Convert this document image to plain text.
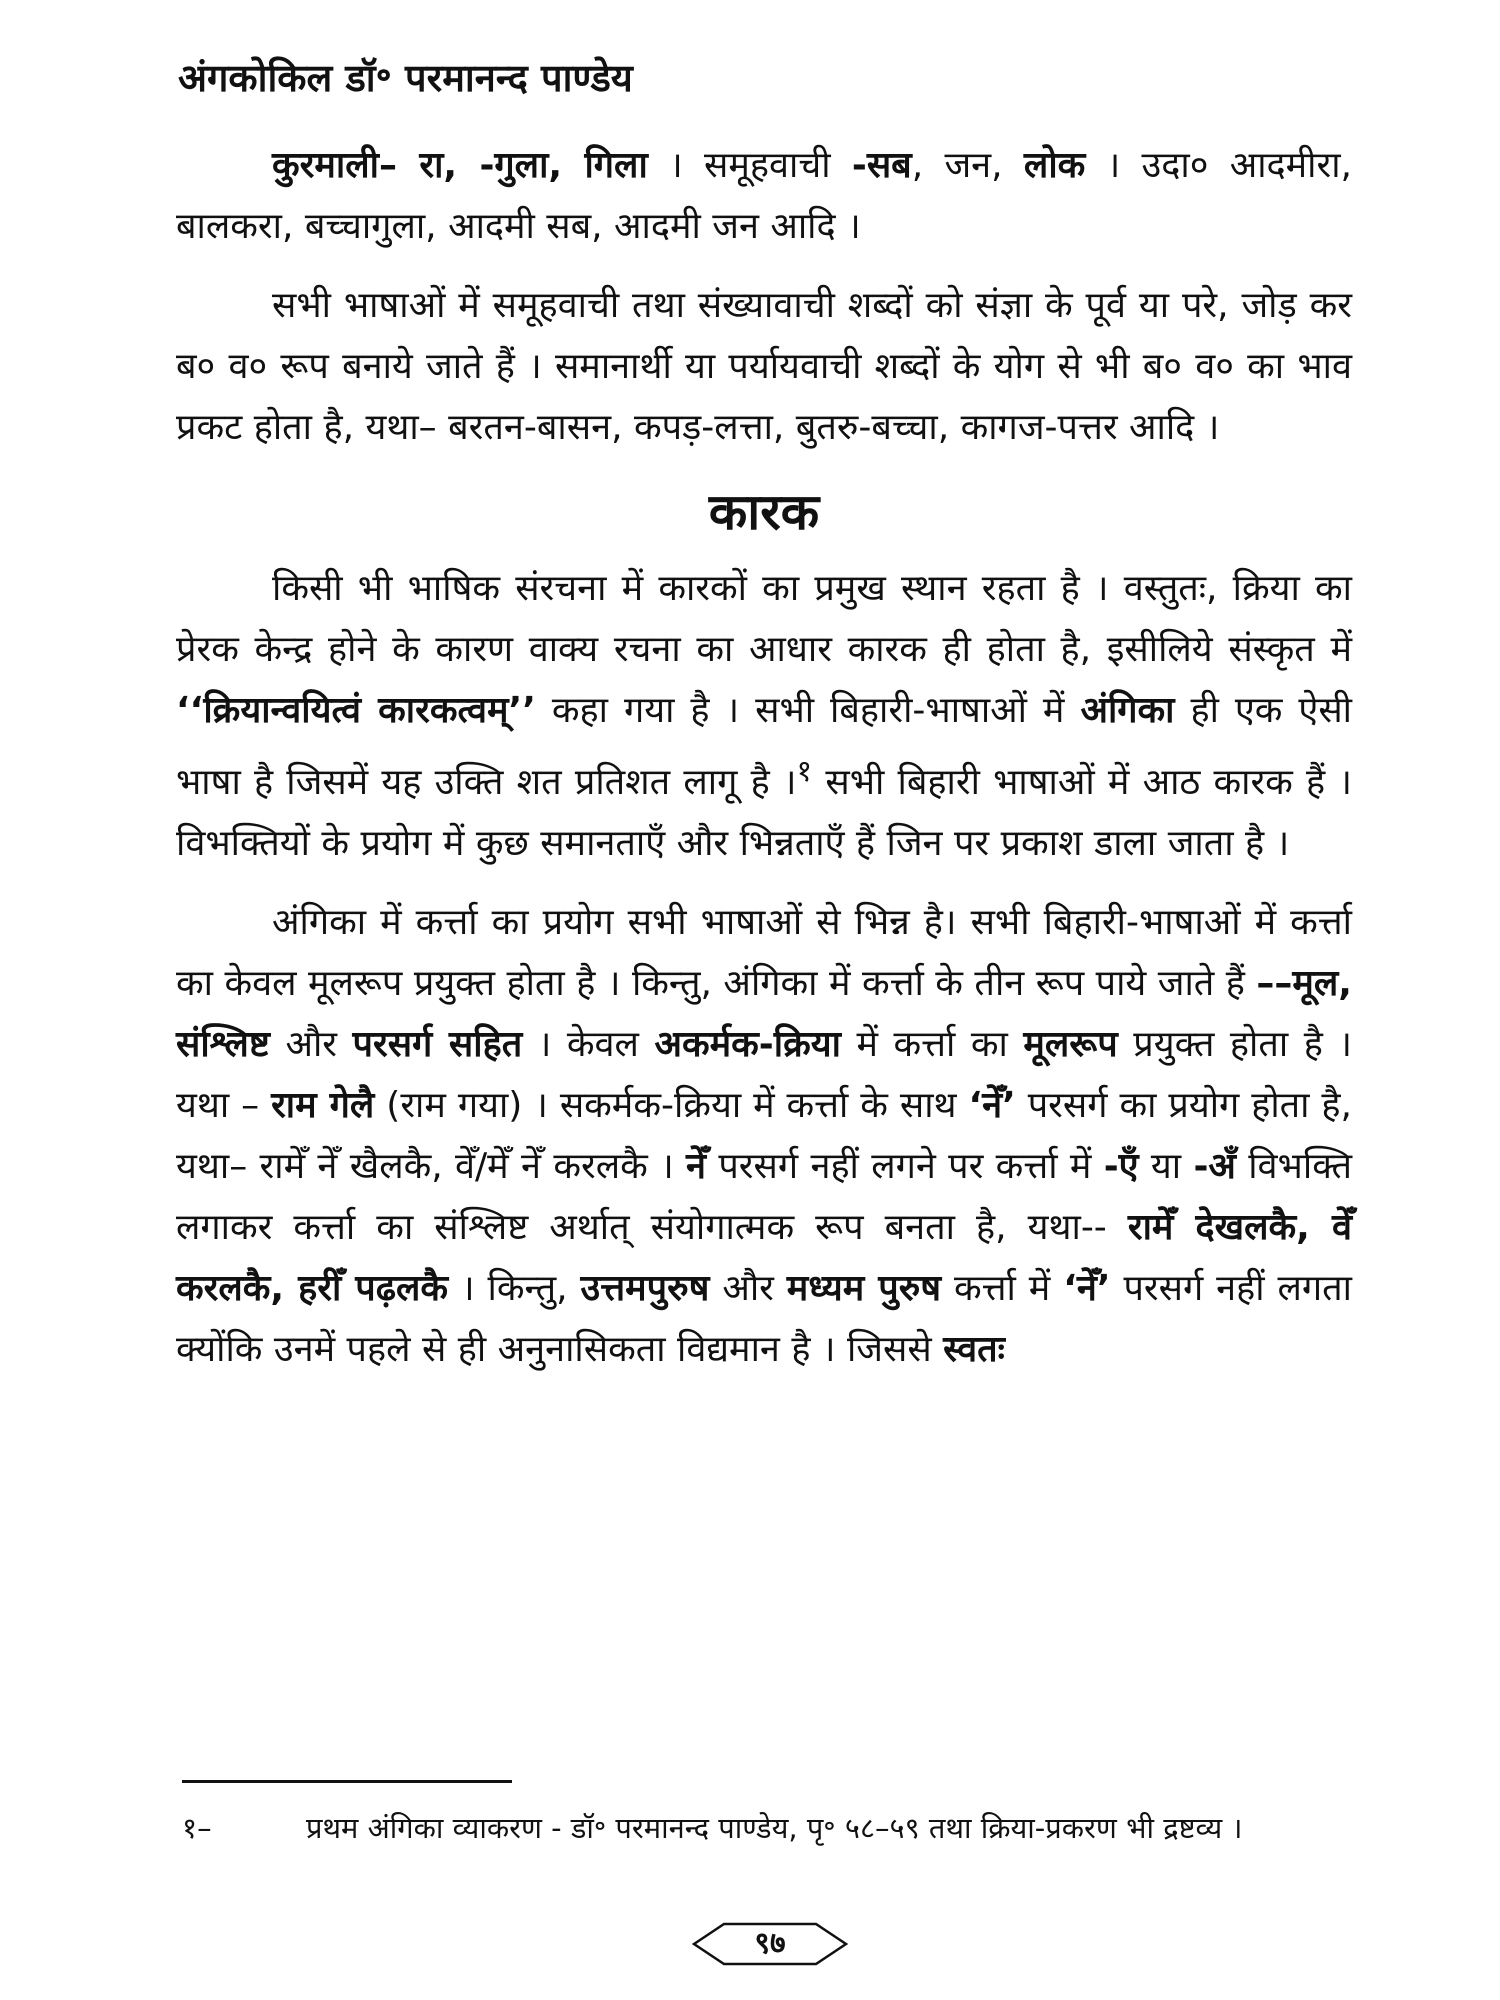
अंगकोकिल डॉ॰ परमानन्द पाण्डेय

कुरमाली– रा, -गुला, गिला । समूहवाची -सब, जन, लोक । उदा० आदमीरा, बालकरा, बच्चागुला, आदमी सब, आदमी जन आदि ।

सभी भाषाओं में समूहवाची तथा संख्यावाची शब्दों को संज्ञा के पूर्व या परे, जोड़ कर ब० व० रूप बनाये जाते हैं । समानार्थी या पर्यायवाची शब्दों के योग से भी ब० व० का भाव प्रकट होता है, यथा– बरतन-बासन, कपड़-लत्ता, बुतरु-बच्चा, कागज-पत्तर आदि ।

कारक

किसी भी भाषिक संरचना में कारकों का प्रमुख स्थान रहता है । वस्तुतः, क्रिया का प्रेरक केन्द्र होने के कारण वाक्य रचना का आधार कारक ही होता है, इसीलिये संस्कृत में ‘‘क्रियान्वयित्वं कारकत्वम्’’ कहा गया है । सभी बिहारी-भाषाओं में अंगिका ही एक ऐसी भाषा है जिसमें यह उक्ति शत प्रतिशत लागू है ।$^१$ सभी बिहारी भाषाओं में आठ कारक हैं । विभक्तियों के प्रयोग में कुछ समानताएँ और भिन्नताएँ हैं जिन पर प्रकाश डाला जाता है ।

अंगिका में कर्त्ता का प्रयोग सभी भाषाओं से भिन्न है। सभी बिहारी-भाषाओं में कर्त्ता का केवल मूलरूप प्रयुक्त होता है । किन्तु, अंगिका में कर्त्ता के तीन रूप पाये जाते हैं ––मूल, संश्लिष्ट और परसर्ग सहित । केवल अकर्मक-क्रिया में कर्त्ता का मूलरूप प्रयुक्त होता है । यथा – राम गेलै (राम गया) । सकर्मक-क्रिया में कर्त्ता के साथ ‘नेँ’ परसर्ग का प्रयोग होता है, यथा– रामेँ नेँ खैलकै, वेँ/मेँ नेँ करलकै । नेँ परसर्ग नहीं लगने पर कर्त्ता में -एँ या -अँ विभक्ति लगाकर कर्त्ता का संश्लिष्ट अर्थात् संयोगात्मक रूप बनता है, यथा-- रामेँ देखलकै, वेँ करलकै, हरीँ पढ़लकै । किन्तु, उत्तमपुरुष और मध्यम पुरुष कर्त्ता में ‘नेँ’ परसर्ग नहीं लगता क्योंकि उनमें पहले से ही अनुनासिकता विद्यमान है । जिससे स्वतः

१–	प्रथम अंगिका व्याकरण - डॉ॰ परमानन्द पाण्डेय, पृ॰ ५८–५९ तथा क्रिया-प्रकरण भी द्रष्टव्य ।
९७
